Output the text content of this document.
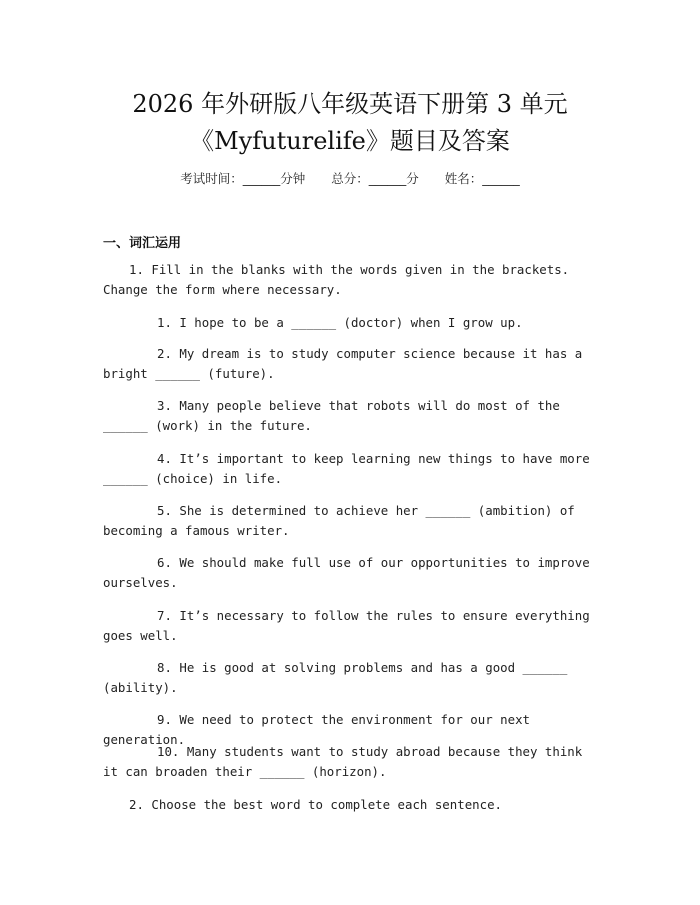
2026 年外研版八年级英语下册第 3 单元
《Myfuturelife》题目及答案
考试时间：______分钟 总分：______分 姓名：______
一、词汇运用

1. Fill in the blanks with the words given in the brackets. Change the form where necessary.

1. I hope to be a ______ (doctor) when I grow up.

2. My dream is to study computer science because it has a bright ______ (future).

3. Many people believe that robots will do most of the ______ (work) in the future.

4. It’s important to keep learning new things to have more ______ (choice) in life.

5. She is determined to achieve her ______ (ambition) of becoming a famous writer.

6. We should make full use of our opportunities to improve ourselves.

7. It’s necessary to follow the rules to ensure everything goes well.

8. He is good at solving problems and has a good ______ (ability).

9. We need to protect the environment for our next generation.

10. Many students want to study abroad because they think it can broaden their ______ (horizon).

2. Choose the best word to complete each sentence.
